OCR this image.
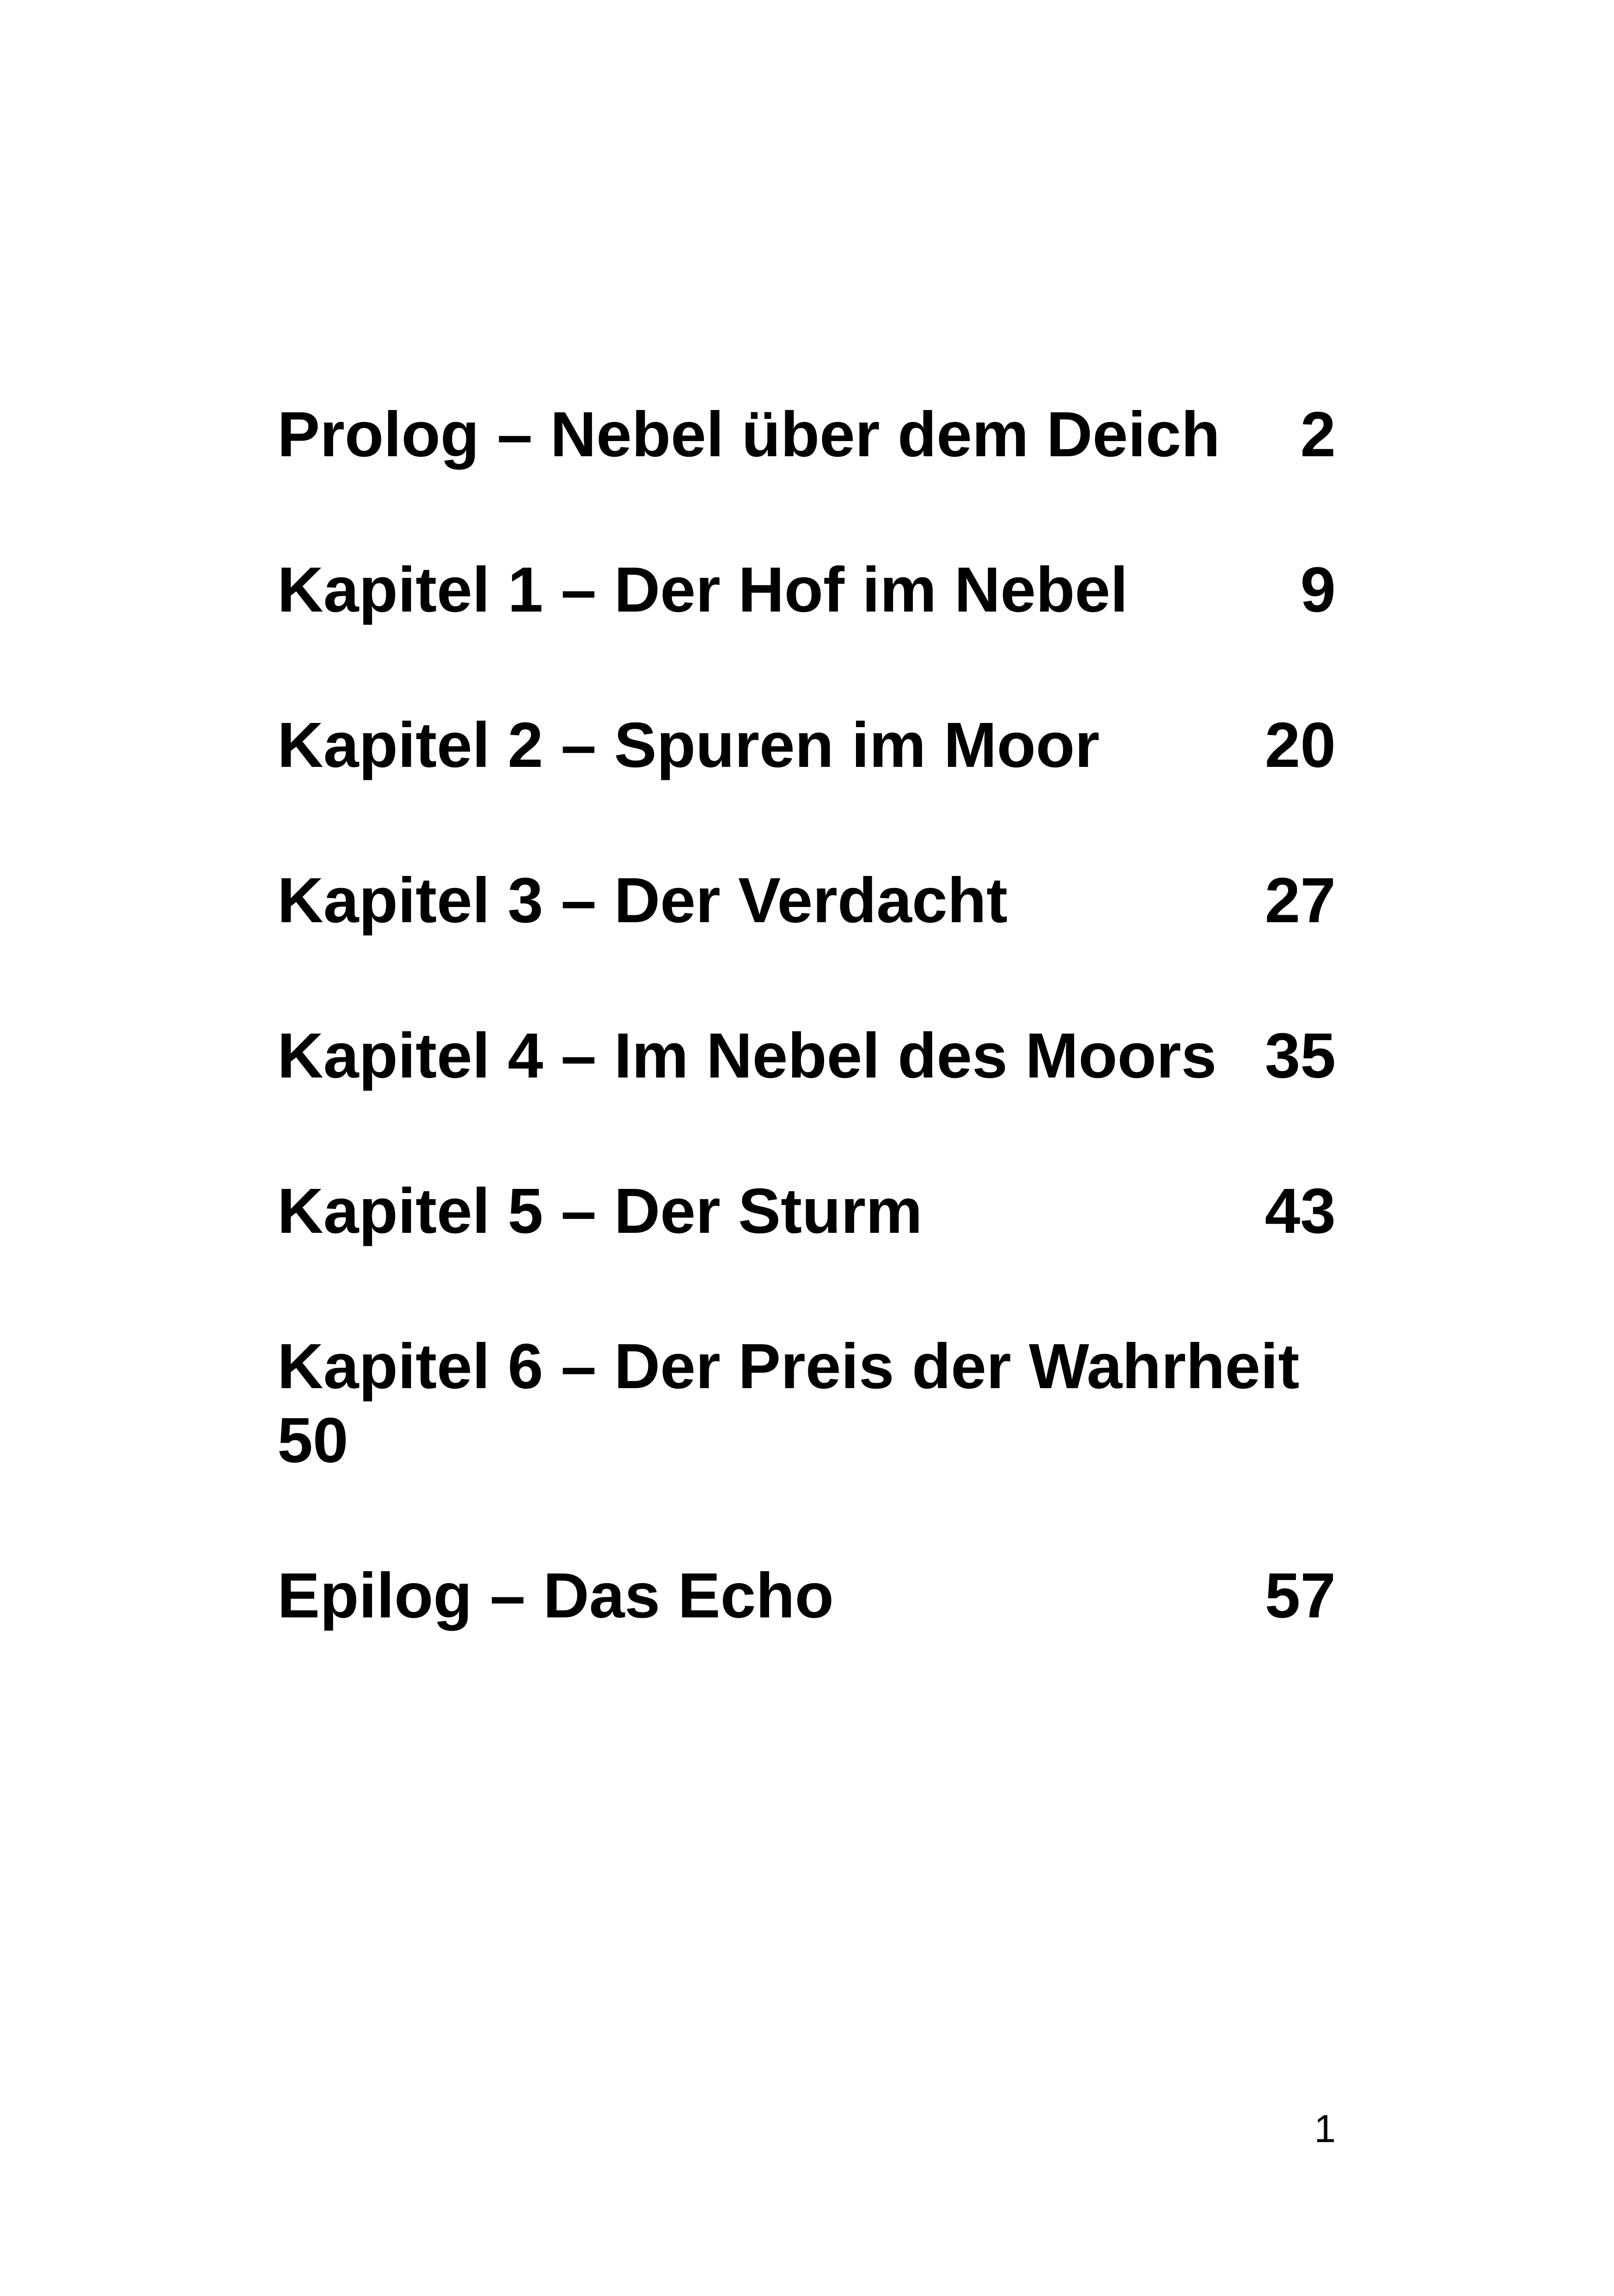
Prolog – Nebel über dem Deich 2
Kapitel 1 – Der Hof im Nebel	9
Kapitel 2 – Spuren im Moor	20
Kapitel 3 – Der Verdacht	27
Kapitel 4 – Im Nebel des Moors 35
Kapitel 5 – Der Sturm	43
Kapitel 6 – Der Preis der Wahrheit
50
Epilog – Das Echo	57
1
